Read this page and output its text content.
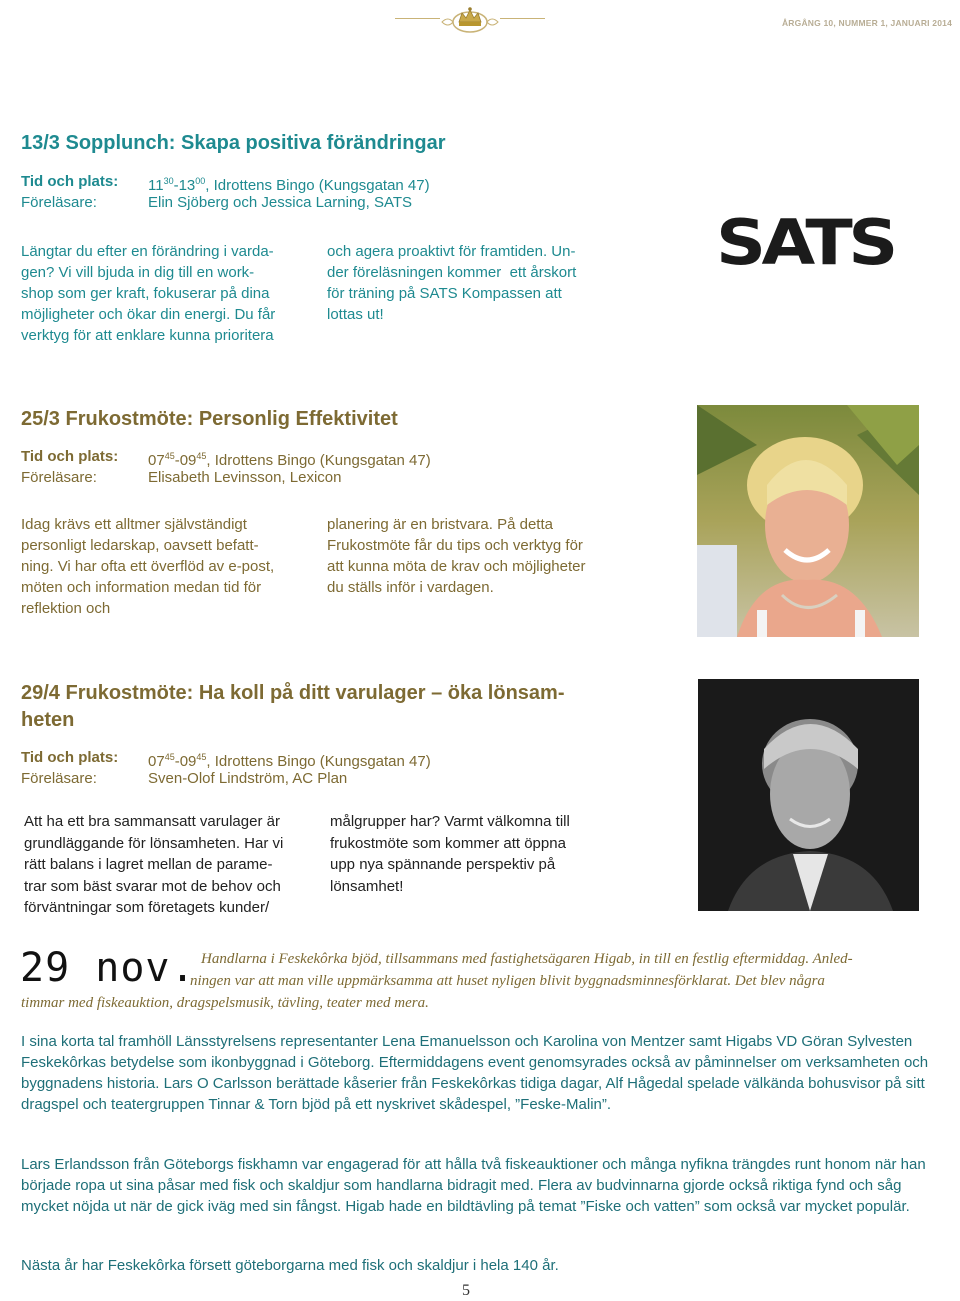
ÅRGÅNG 10, NUMMER 1, JANUARI 2014
13/3 Sopplunch: Skapa positiva förändringar
Tid och plats: $11^{30}-13^{00}$, Idrottens Bingo (Kungsgatan 47)
Föreläsare:	Elin Sjöberg och Jessica Larning, SATS
Längtar du efter en förändring i varda-
gen? Vi vill bjuda in dig till en work-
shop som ger kraft, fokuserar på dina
möjligheter och ökar din energi. Du får
verktyg för att enklare kunna prioritera
och agera proaktivt för framtiden. Un-
der föreläsningen kommer  ett årskort
för träning på SATS Kompassen att
lottas ut!
SATS
25/3 Frukostmöte: Personlig Effektivitet
Tid och plats: $07^{45}-09^{45}$, Idrottens Bingo (Kungsgatan 47)
Föreläsare:	Elisabeth Levinsson, Lexicon
Idag krävs ett alltmer självständigt
personligt ledarskap, oavsett befatt-
ning. Vi har ofta ett överflöd av e-post,
möten och information medan tid för
reflektion och
planering är en bristvara. På detta
Frukostmöte får du tips och verktyg för
att kunna möta de krav och möjligheter
du ställs inför i vardagen.
29/4 Frukostmöte: Ha koll på ditt varulager – öka lönsam-
heten
Tid och plats: $07^{45}-09^{45}$, Idrottens Bingo (Kungsgatan 47)
Föreläsare:	Sven-Olof Lindström, AC Plan
Att ha ett bra sammansatt varulager är
grundläggande för lönsamheten. Har vi
rätt balans i lagret mellan de parame-
trar som bäst svarar mot de behov och
förväntningar som företagets kunder/
målgrupper har? Varmt välkomna till
frukostmöte som kommer att öppna
upp nya spännande perspektiv på
lönsamhet!
29 nov. Handlarna i Feskekôrka bjöd, tillsammans med fastighetsägaren Higab, in till en festlig eftermiddag. Anled-
ningen var att man ville uppmärksamma att huset nyligen blivit byggnadsminnesförklarat. Det blev några
timmar med fiskeauktion, dragspelsmusik, tävling, teater med mera.
I sina korta tal framhöll Länsstyrelsens representanter Lena Emanuelsson och Karolina von Mentzer samt Higabs VD Göran Sylvesten Feskekôrkas betydelse som ikonbyggnad i Göteborg. Eftermiddagens event genomsyrades också av påminnelser om verksamheten och byggnadens historia. Lars O Carlsson berättade kåserier från Feskekôrkas tidiga dagar, Alf Hågedal spelade välkända bohusvisor på sitt dragspel och teatergruppen Tinnar & Torn bjöd på ett nyskrivet skådespel, ”Feske-Malin”.
Lars Erlandsson från Göteborgs fiskhamn var engagerad för att hålla två fiskeauktioner och många nyfikna trängdes runt honom när han började ropa ut sina påsar med fisk och skaldjur som handlarna bidragit med. Flera av budvinnarna gjorde också riktiga fynd och såg mycket nöjda ut när de gick iväg med sin fångst. Higab hade en bildtävling på temat ”Fiske och vatten” som också var mycket populär.
Nästa år har Feskekôrka försett göteborgarna med fisk och skaldjur i hela 140 år.
5
